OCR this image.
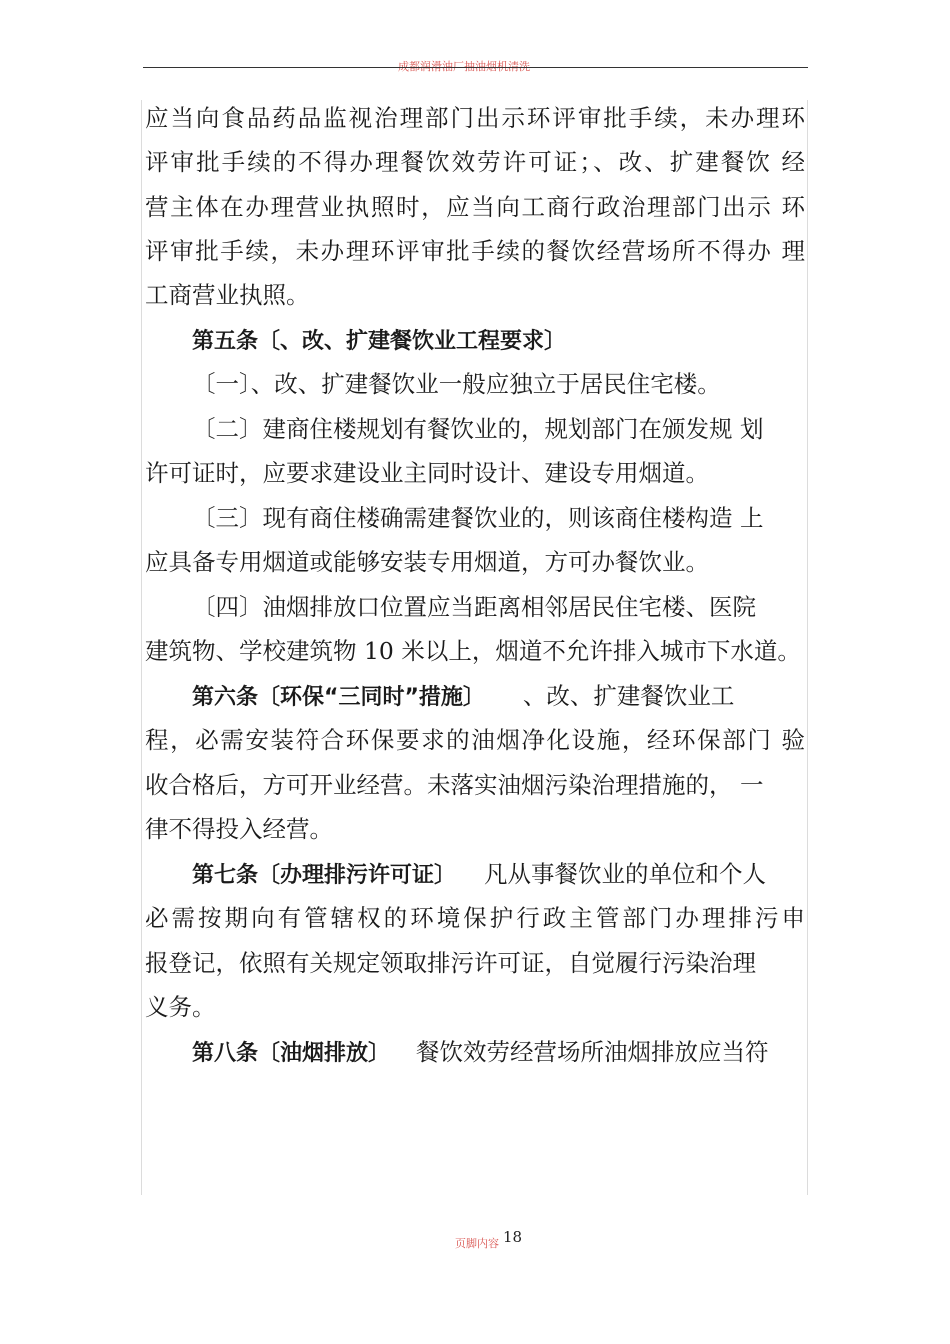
成都润滑油厂抽油烟机清洗
应当向食品药品监视治理部门出示环评审批手续，未办理环
评审批手续的不得办理餐饮效劳许可证；、改、扩建餐饮 经
营主体在办理营业执照时，应当向工商行政治理部门出示 环
评审批手续，未办理环评审批手续的餐饮经营场所不得办 理
工商营业执照。
第五条〔、改、扩建餐饮业工程要求〕
〔一〕、改、扩建餐饮业一般应独立于居民住宅楼。
〔二〕建商住楼规划有餐饮业的，规划部门在颁发规 划
许可证时，应要求建设业主同时设计、建设专用烟道。
〔三〕现有商住楼确需建餐饮业的，则该商住楼构造 上
应具备专用烟道或能够安装专用烟道，方可办餐饮业。
〔四〕油烟排放口位置应当距离相邻居民住宅楼、医院
建筑物、学校建筑物 10 米以上，烟道不允许排入城市下水道。
第六条〔环保“三同时”措施〕 、改、扩建餐饮业工
程，必需安装符合环保要求的油烟净化设施，经环保部门 验
收合格后，方可开业经营。未落实油烟污染治理措施的， 一
律不得投入经营。
第七条〔办理排污许可证〕 凡从事餐饮业的单位和个人
必需按期向有管辖权的环境保护行政主管部门办理排污申
报登记，依照有关规定领取排污许可证，自觉履行污染治理
义务。
第八条〔油烟排放〕 餐饮效劳经营场所油烟排放应当符
页脚内容 18
